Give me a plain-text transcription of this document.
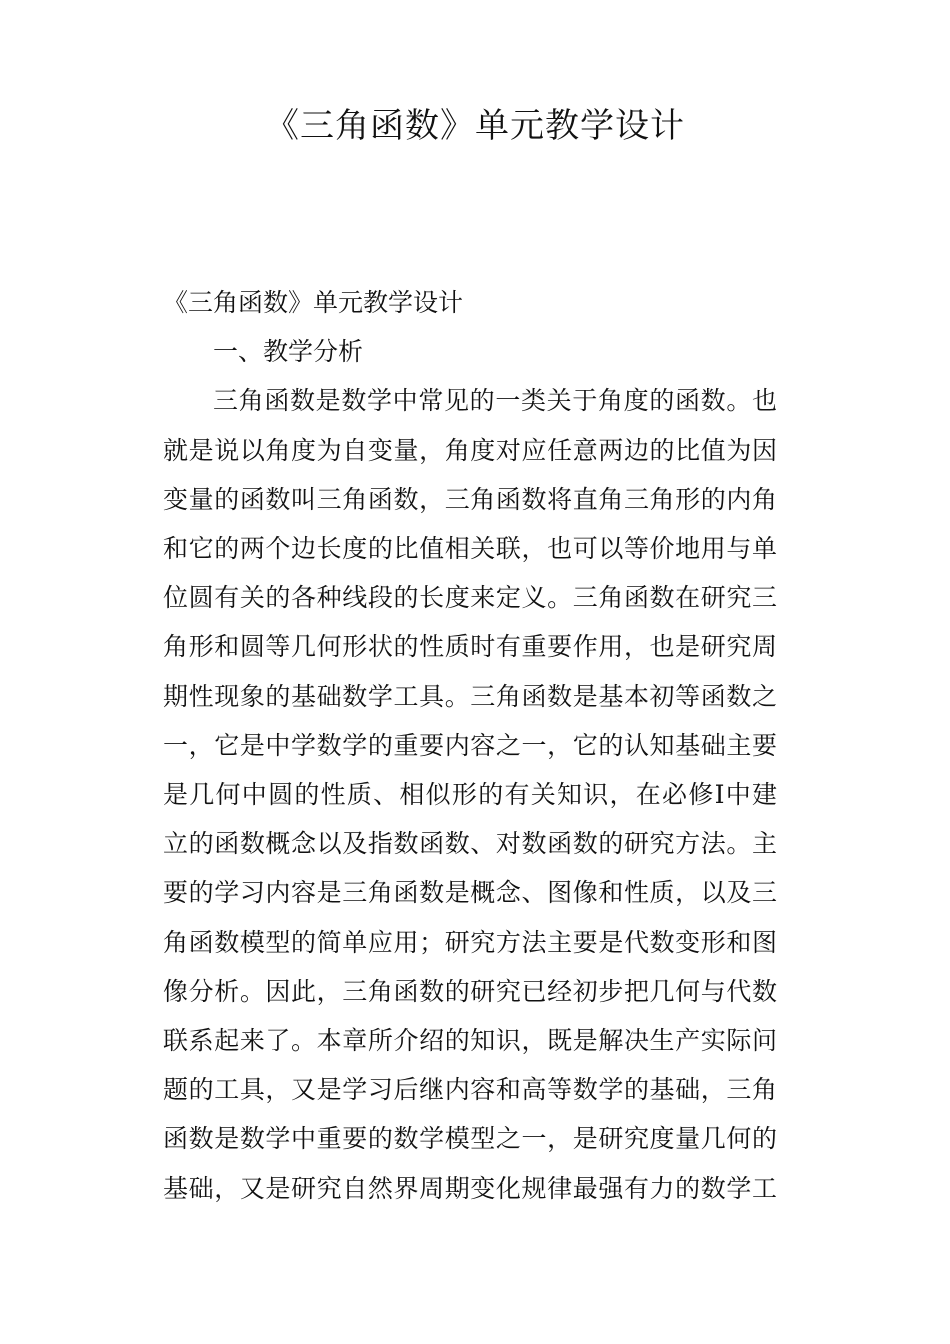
《三角函数》单元教学设计
《三角函数》单元教学设计
一、教学分析
三角函数是数学中常见的一类关于角度的函数。也
就是说以角度为自变量，角度对应任意两边的比值为因
变量的函数叫三角函数，三角函数将直角三角形的内角
和它的两个边长度的比值相关联，也可以等价地用与单
位圆有关的各种线段的长度来定义。三角函数在研究三
角形和圆等几何形状的性质时有重要作用，也是研究周
期性现象的基础数学工具。三角函数是基本初等函数之
一，它是中学数学的重要内容之一，它的认知基础主要
是几何中圆的性质、相似形的有关知识，在必修Ⅰ中建
立的函数概念以及指数函数、对数函数的研究方法。主
要的学习内容是三角函数是概念、图像和性质，以及三
角函数模型的简单应用；研究方法主要是代数变形和图
像分析。因此，三角函数的研究已经初步把几何与代数
联系起来了。本章所介绍的知识，既是解决生产实际问
题的工具，又是学习后继内容和高等数学的基础，三角
函数是数学中重要的数学模型之一，是研究度量几何的
基础，又是研究自然界周期变化规律最强有力的数学工
